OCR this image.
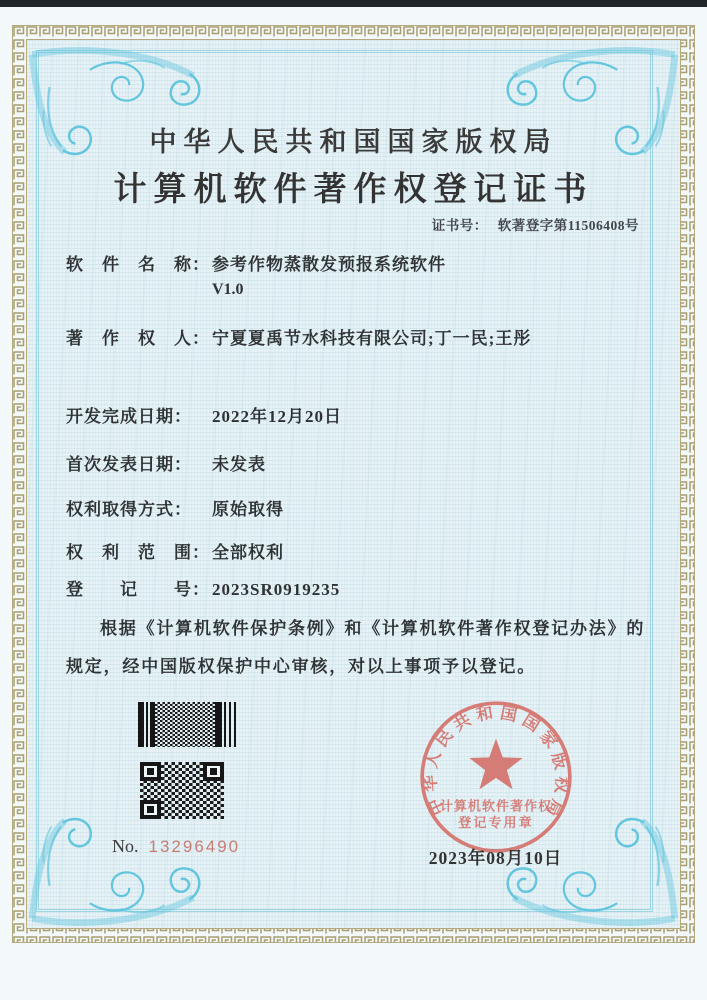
中华人民共和国国家版权局
计算机软件著作权登记证书
证书号： 软著登字第11506408号
软　件　名　称： 参考作物蒸散发预报系统软件
V1.0
著　作　权　人： 宁夏夏禹节水科技有限公司;丁一民;王彤
开发完成日期： 2022年12月20日
首次发表日期： 未发表
权利取得方式： 原始取得
权　利　范　围： 全部权利
登　　记　　号： 2023SR0919235
根据《计算机软件保护条例》和《计算机软件著作权登记办法》的
规定，经中国版权保护中心审核，对以上事项予以登记。
中华人民共和国国家版权局
计算机软件著作权
登记专用章
No. 13296490
2023年08月10日
